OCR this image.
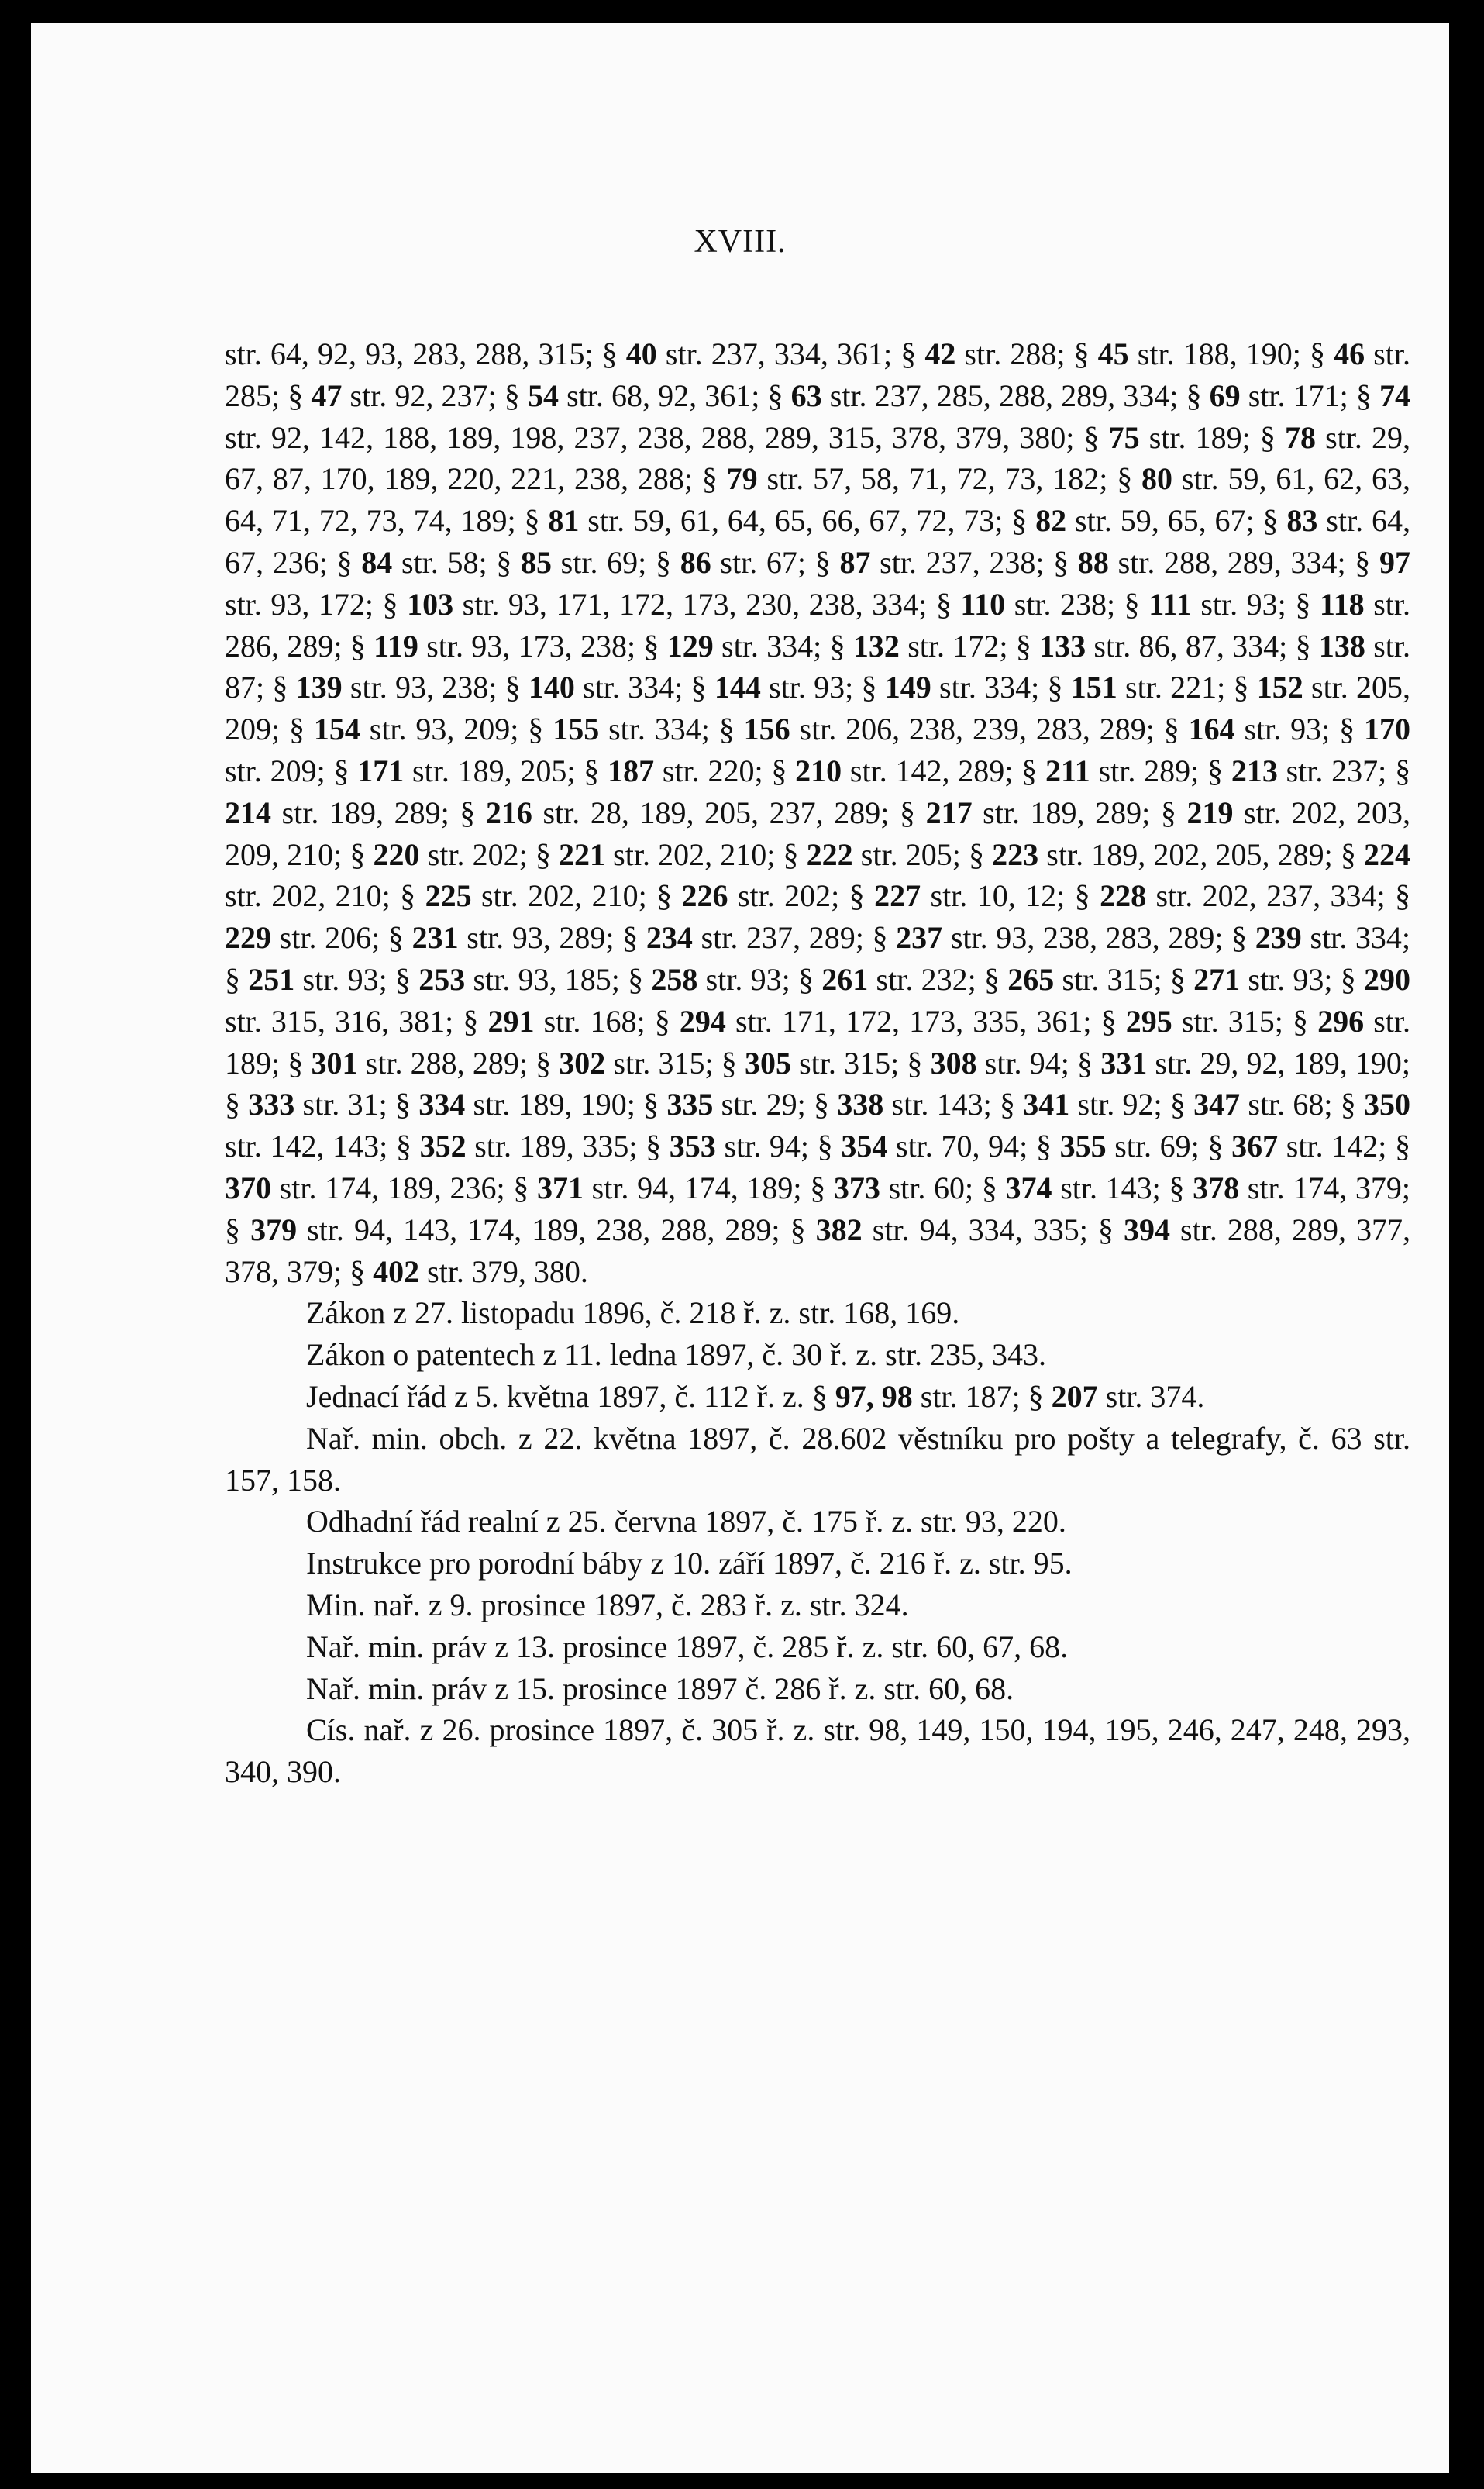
XVIII.

str. 64, 92, 93, 283, 288, 315; § 40 str. 237, 334, 361; § 42 str. 288; § 45 str. 188, 190; § 46 str. 285; § 47 str. 92, 237; § 54 str. 68, 92, 361; § 63 str. 237, 285, 288, 289, 334; § 69 str. 171; § 74 str. 92, 142, 188, 189, 198, 237, 238, 288, 289, 315, 378, 379, 380; § 75 str. 189; § 78 str. 29, 67, 87, 170, 189, 220, 221, 238, 288; § 79 str. 57, 58, 71, 72, 73, 182; § 80 str. 59, 61, 62, 63, 64, 71, 72, 73, 74, 189; § 81 str. 59, 61, 64, 65, 66, 67, 72, 73; § 82 str. 59, 65, 67; § 83 str. 64, 67, 236; § 84 str. 58; § 85 str. 69; § 86 str. 67; § 87 str. 237, 238; § 88 str. 288, 289, 334; § 97 str. 93, 172; § 103 str. 93, 171, 172, 173, 230, 238, 334; § 110 str. 238; § 111 str. 93; § 118 str. 286, 289; § 119 str. 93, 173, 238; § 129 str. 334; § 132 str. 172; § 133 str. 86, 87, 334; § 138 str. 87; § 139 str. 93, 238; § 140 str. 334; § 144 str. 93; § 149 str. 334; § 151 str. 221; § 152 str. 205, 209; § 154 str. 93, 209; § 155 str. 334; § 156 str. 206, 238, 239, 283, 289; § 164 str. 93; § 170 str. 209; § 171 str. 189, 205; § 187 str. 220; § 210 str. 142, 289; § 211 str. 289; § 213 str. 237; § 214 str. 189, 289; § 216 str. 28, 189, 205, 237, 289; § 217 str. 189, 289; § 219 str. 202, 203, 209, 210; § 220 str. 202; § 221 str. 202, 210; § 222 str. 205; § 223 str. 189, 202, 205, 289; § 224 str. 202, 210; § 225 str. 202, 210; § 226 str. 202; § 227 str. 10, 12; § 228 str. 202, 237, 334; § 229 str. 206; § 231 str. 93, 289; § 234 str. 237, 289; § 237 str. 93, 238, 283, 289; § 239 str. 334; § 251 str. 93; § 253 str. 93, 185; § 258 str. 93; § 261 str. 232; § 265 str. 315; § 271 str. 93; § 290 str. 315, 316, 381; § 291 str. 168; § 294 str. 171, 172, 173, 335, 361; § 295 str. 315; § 296 str. 189; § 301 str. 288, 289; § 302 str. 315; § 305 str. 315; § 308 str. 94; § 331 str. 29, 92, 189, 190; § 333 str. 31; § 334 str. 189, 190; § 335 str. 29; § 338 str. 143; § 341 str. 92; § 347 str. 68; § 350 str. 142, 143; § 352 str. 189, 335; § 353 str. 94; § 354 str. 70, 94; § 355 str. 69; § 367 str. 142; § 370 str. 174, 189, 236; § 371 str. 94, 174, 189; § 373 str. 60; § 374 str. 143; § 378 str. 174, 379; § 379 str. 94, 143, 174, 189, 238, 288, 289; § 382 str. 94, 334, 335; § 394 str. 288, 289, 377, 378, 379; § 402 str. 379, 380.

Zákon z 27. listopadu 1896, č. 218 ř. z. str. 168, 169.

Zákon o patentech z 11. ledna 1897, č. 30 ř. z. str. 235, 343.

Jednací řád z 5. května 1897, č. 112 ř. z. § 97, 98 str. 187; § 207 str. 374.

Nař. min. obch. z 22. května 1897, č. 28.602 věstníku pro pošty a telegrafy, č. 63 str. 157, 158.

Odhadní řád realní z 25. června 1897, č. 175 ř. z. str. 93, 220.

Instrukce pro porodní báby z 10. září 1897, č. 216 ř. z. str. 95.

Min. nař. z 9. prosince 1897, č. 283 ř. z. str. 324.

Nař. min. práv z 13. prosince 1897, č. 285 ř. z. str. 60, 67, 68.

Nař. min. práv z 15. prosince 1897 č. 286 ř. z. str. 60, 68.

Cís. nař. z 26. prosince 1897, č. 305 ř. z. str. 98, 149, 150, 194, 195, 246, 247, 248, 293, 340, 390.
